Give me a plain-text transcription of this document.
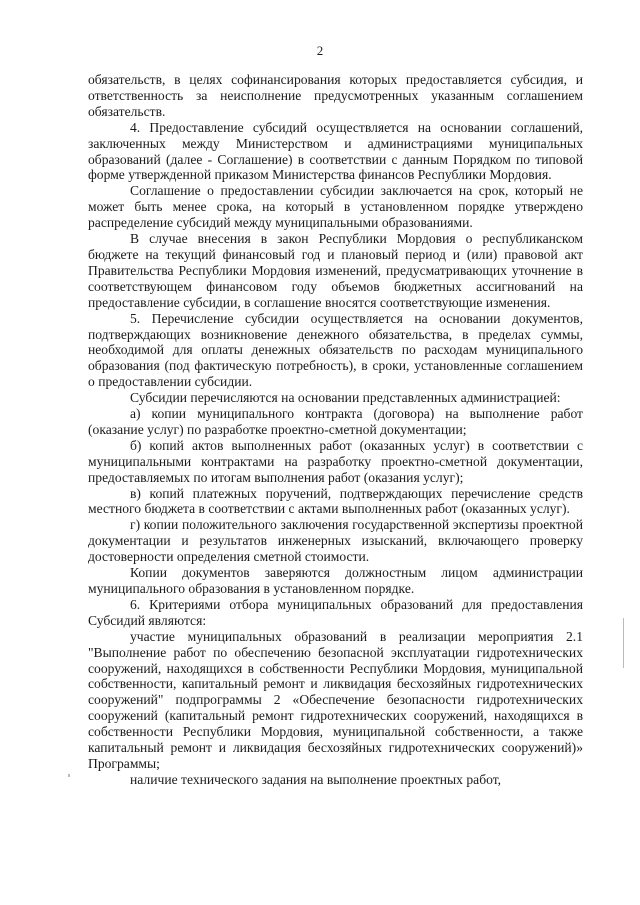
2

обязательств, в целях софинансирования которых предоставляется субсидия, и ответственность за неисполнение предусмотренных указанным соглашением обязательств.

4. Предоставление субсидий осуществляется на основании соглашений, заключенных между Министерством и администрациями муниципальных образований (далее - Соглашение) в соответствии с данным Порядком по типовой форме утвержденной приказом Министерства финансов Республики Мордовия.

Соглашение о предоставлении субсидии заключается на срок, который не может быть менее срока, на который в установленном порядке утверждено распределение субсидий между муниципальными образованиями.

В случае внесения в закон Республики Мордовия о республиканском бюджете на текущий финансовый год и плановый период и (или) правовой акт Правительства Республики Мордовия изменений, предусматривающих уточнение в соответствующем финансовом году объемов бюджетных ассигнований на предоставление субсидии, в соглашение вносятся соответствующие изменения.

5. Перечисление субсидии осуществляется на основании документов, подтверждающих возникновение денежного обязательства, в пределах суммы, необходимой для оплаты денежных обязательств по расходам муниципального образования (под фактическую потребность), в сроки, установленные соглашением о предоставлении субсидии.

Субсидии перечисляются на основании представленных администрацией:

а) копии муниципального контракта (договора) на выполнение работ (оказание услуг) по разработке проектно-сметной документации;

б) копий актов выполненных работ (оказанных услуг) в соответствии с муниципальными контрактами на разработку проектно-сметной документации, предоставляемых по итогам выполнения работ (оказания услуг);

в) копий платежных поручений, подтверждающих перечисление средств местного бюджета в соответствии с актами выполненных работ (оказанных услуг).

г) копии положительного заключения государственной экспертизы проектной документации и результатов инженерных изысканий, включающего проверку достоверности определения сметной стоимости.

Копии документов заверяются должностным лицом администрации муниципального образования в установленном порядке.

6. Критериями отбора муниципальных образований для предоставления Субсидий являются:

участие муниципальных образований в реализации мероприятия 2.1 "Выполнение работ по обеспечению безопасной эксплуатации гидротехнических сооружений, находящихся в собственности Республики Мордовия, муниципальной собственности, капитальный ремонт и ликвидация бесхозяйных гидротехнических сооружений" подпрограммы 2 «Обеспечение безопасности гидротехнических сооружений (капитальный ремонт гидротехнических сооружений, находящихся в собственности Республики Мордовия, муниципальной собственности, а также капитальный ремонт и ликвидация бесхозяйных гидротехнических сооружений)» Программы;

наличие технического задания на выполнение проектных работ,
